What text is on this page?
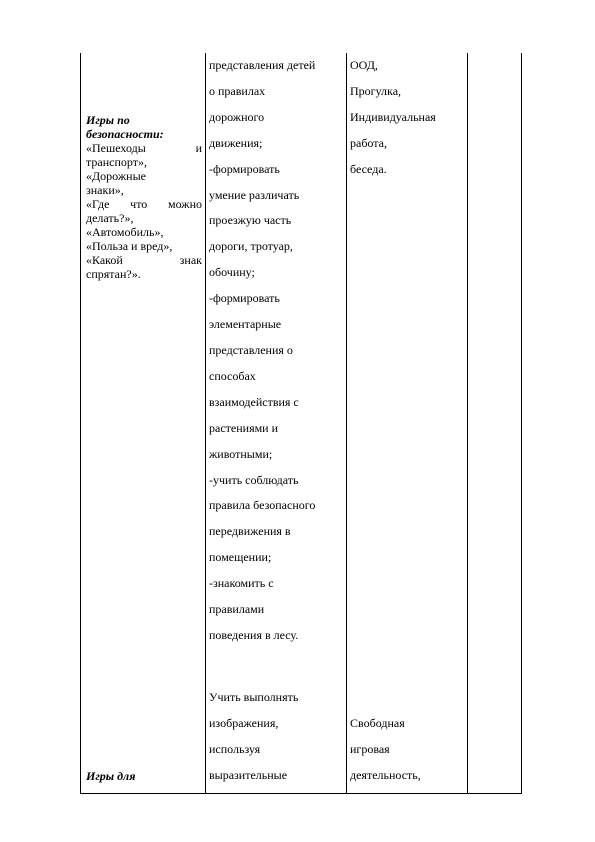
Игры по
безопасности:
«Пешеходы и
транспорт»,
«Дорожные
знаки»,
«Где что можно
делать?»,
«Автомобиль»,
«Польза и вред»,
«Какой знак
спрятан?».
Игры для
представления детей
о правилах
дорожного
движения;
-формировать
умение различать
проезжую часть
дороги, тротуар,
обочину;
-формировать
элементарные
представления о
способах
взаимодействия с
растениями и
животными;
-учить соблюдать
правила безопасного
передвижения в
помещении;
-знакомить с
правилами
поведения в лесу.
Учить выполнять
изображения,
используя
выразительные
ООД,
Прогулка,
Индивидуальная
работа,
беседа.
Свободная
игровая
деятельность,
